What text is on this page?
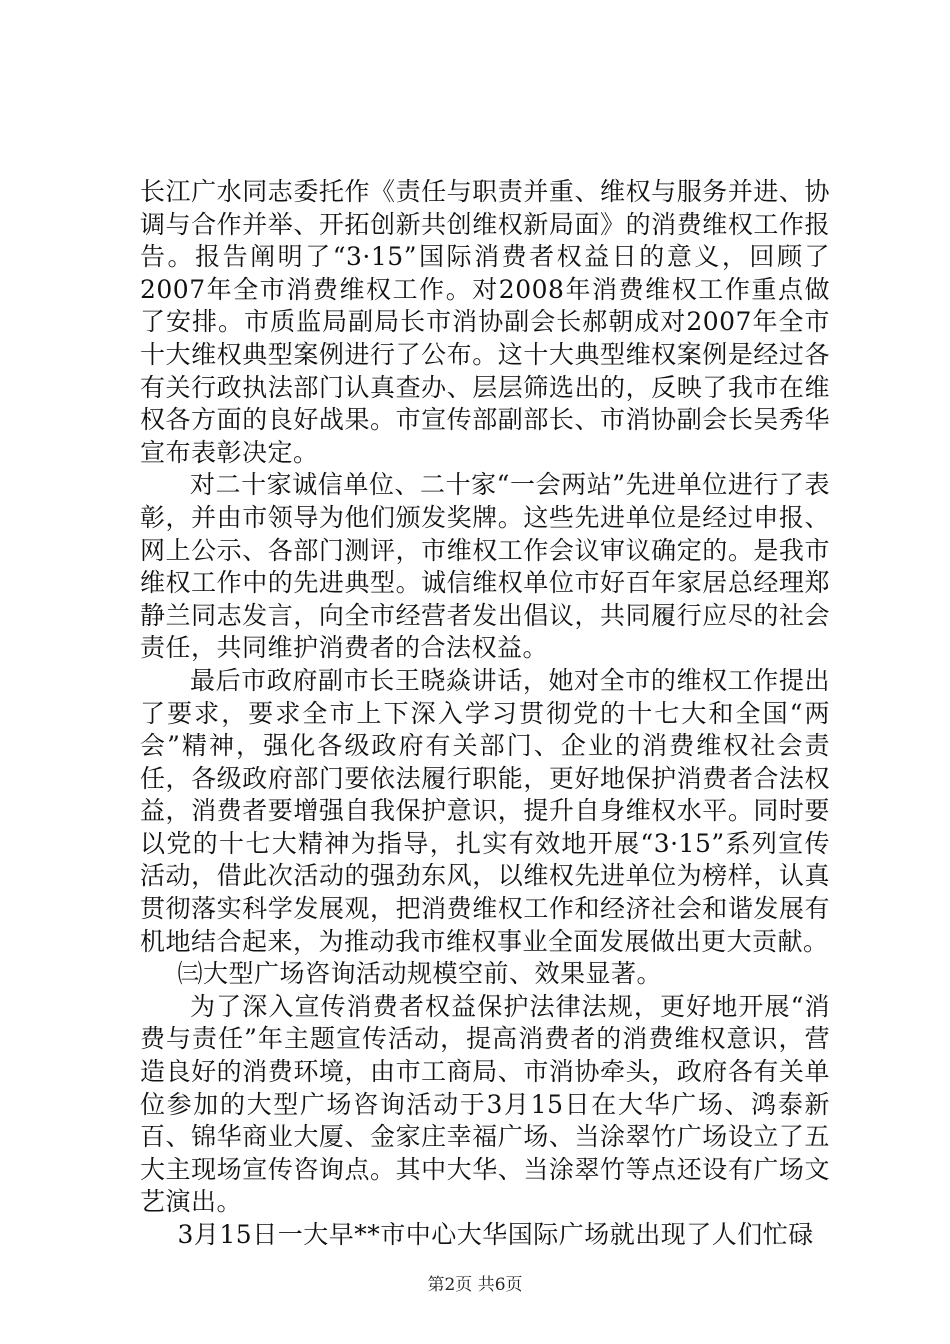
长江广水同志委托作《责任与职责并重、维权与服务并进、协调与合作并举、开拓创新共创维权新局面》的消费维权工作报告。报告阐明了“3·15”国际消费者权益日的意义，回顾了2007年全市消费维权工作。对2008年消费维权工作重点做了安排。市质监局副局长市消协副会长郝朝成对2007年全市十大维权典型案例进行了公布。这十大典型维权案例是经过各有关行政执法部门认真查办、层层筛选出的，反映了我市在维权各方面的良好战果。市宣传部副部长、市消协副会长吴秀华宣布表彰决定。

对二十家诚信单位、二十家“一会两站”先进单位进行了表彰，并由市领导为他们颁发奖牌。这些先进单位是经过申报、网上公示、各部门测评，市维权工作会议审议确定的。是我市维权工作中的先进典型。诚信维权单位市好百年家居总经理郑静兰同志发言，向全市经营者发出倡议，共同履行应尽的社会责任，共同维护消费者的合法权益。

最后市政府副市长王晓焱讲话，她对全市的维权工作提出了要求，要求全市上下深入学习贯彻党的十七大和全国“两会”精神，强化各级政府有关部门、企业的消费维权社会责任，各级政府部门要依法履行职能，更好地保护消费者合法权益，消费者要增强自我保护意识，提升自身维权水平。同时要以党的十七大精神为指导，扎实有效地开展“3·15”系列宣传活动，借此次活动的强劲东风，以维权先进单位为榜样，认真贯彻落实科学发展观，把消费维权工作和经济社会和谐发展有机地结合起来，为推动我市维权事业全面发展做出更大贡献。

㈢大型广场咨询活动规模空前、效果显著。

为了深入宣传消费者权益保护法律法规，更好地开展“消费与责任”年主题宣传活动，提高消费者的消费维权意识，营造良好的消费环境，由市工商局、市消协牵头，政府各有关单位参加的大型广场咨询活动于3月15日在大华广场、鸿泰新百、锦华商业大厦、金家庄幸福广场、当涂翠竹广场设立了五大主现场宣传咨询点。其中大华、当涂翠竹等点还设有广场文艺演出。

3月15日一大早**市中心大华国际广场就出现了人们忙碌

第2页 共6页
